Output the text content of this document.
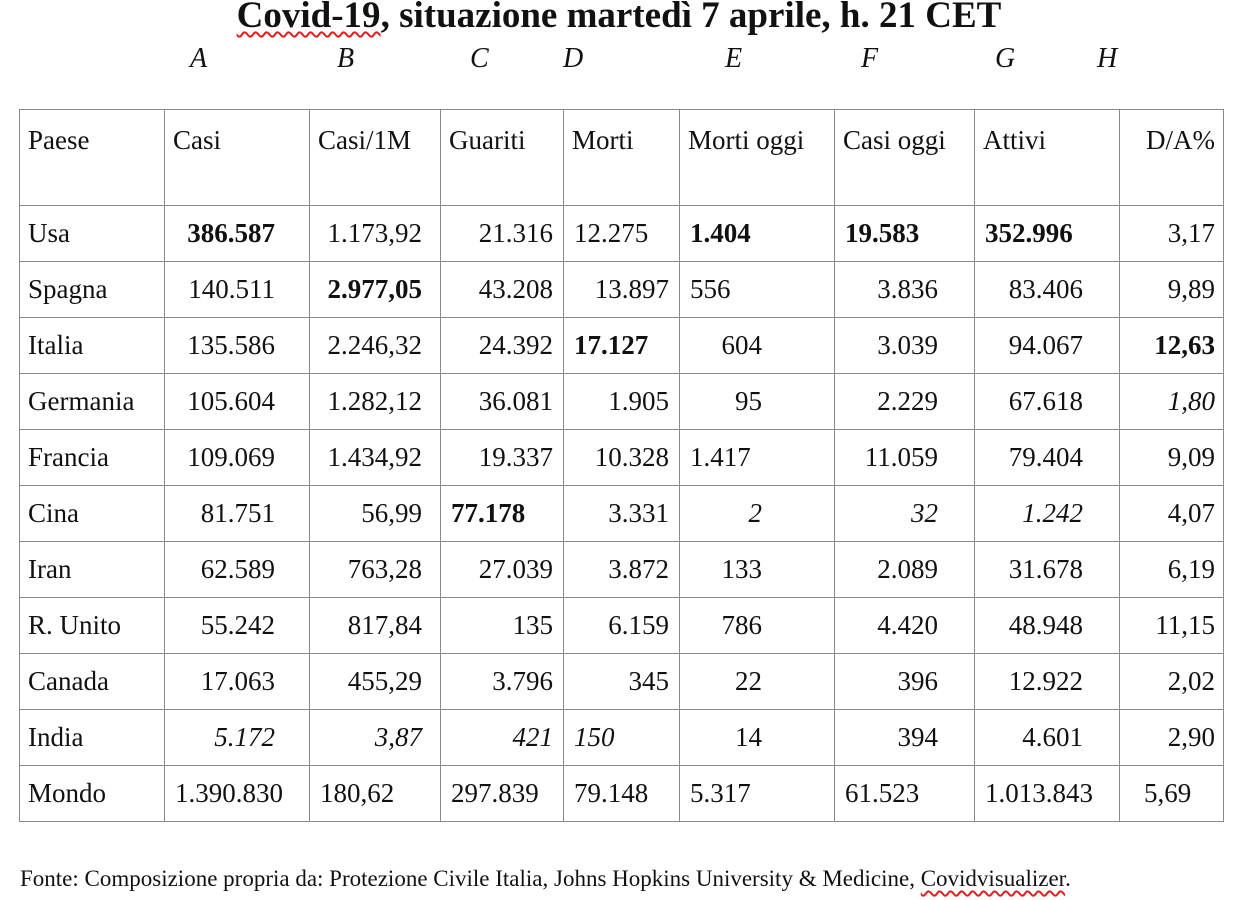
Covid-19, situazione martedì 7 aprile, h. 21 CET
A	B	C	D	E	F	G	H
Paese	Casi	Casi/1M	Guariti	Morti	Morti oggi	Casi oggi	Attivi	D/A%
Usa	386.587	1.173,92	21.316	12.275	1.404	19.583	352.996	3,17
Spagna	140.511	2.977,05	43.208	13.897	556	3.836	83.406	9,89
Italia	135.586	2.246,32	24.392	17.127	604	3.039	94.067	12,63
Germania	105.604	1.282,12	36.081	1.905	95	2.229	67.618	1,80
Francia	109.069	1.434,92	19.337	10.328	1.417	11.059	79.404	9,09
Cina	81.751	56,99	77.178	3.331	2	32	1.242	4,07
Iran	62.589	763,28	27.039	3.872	133	2.089	31.678	6,19
R. Unito	55.242	817,84	135	6.159	786	4.420	48.948	11,15
Canada	17.063	455,29	3.796	345	22	396	12.922	2,02
India	5.172	3,87	421	150	14	394	4.601	2,90
Mondo	1.390.830	180,62	297.839	79.148	5.317	61.523	1.013.843	5,69
Fonte: Composizione propria da: Protezione Civile Italia, Johns Hopkins University & Medicine, Covidvisualizer.
